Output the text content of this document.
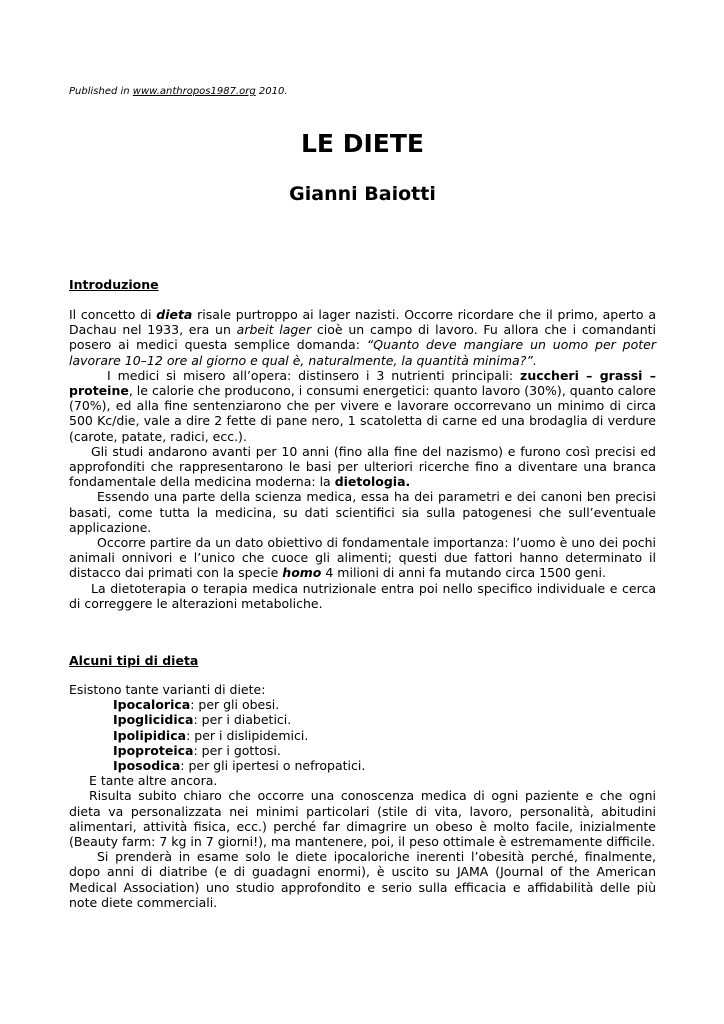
Published in www.anthropos1987.org 2010.
LE DIETE
Gianni Baiotti
Introduzione

Il concetto di dieta risale purtroppo ai lager nazisti. Occorre ricordare che il primo, aperto a Dachau nel 1933, era un arbeit lager cioè un campo di lavoro. Fu allora che i comandanti posero ai medici questa semplice domanda: “Quanto deve mangiare un uomo per poter lavorare 10–12 ore al giorno e qual è, naturalmente, la quantità minima?”.

I medici si misero all’opera: distinsero i 3 nutrienti principali: zuccheri – grassi – proteine, le calorie che producono, i consumi energetici: quanto lavoro (30%), quanto calore (70%), ed alla fine sentenziarono che per vivere e lavorare occorrevano un minimo di circa 500 Kc/die, vale a dire 2 fette di pane nero, 1 scatoletta di carne ed una brodaglia di verdure (carote, patate, radici, ecc.).

Gli studi andarono avanti per 10 anni (fino alla fine del nazismo) e furono così precisi ed approfonditi che rappresentarono le basi per ulteriori ricerche fino a diventare una branca fondamentale della medicina moderna: la dietologia.

Essendo una parte della scienza medica, essa ha dei parametri e dei canoni ben precisi basati, come tutta la medicina, su dati scientifici sia sulla patogenesi che sull’eventuale applicazione.

Occorre partire da un dato obiettivo di fondamentale importanza: l’uomo è uno dei pochi animali onnivori e l’unico che cuoce gli alimenti; questi due fattori hanno determinato il distacco dai primati con la specie homo 4 milioni di anni fa mutando circa 1500 geni.

La dietoterapia o terapia medica nutrizionale entra poi nello specifico individuale e cerca di correggere le alterazioni metaboliche.

Alcuni tipi di dieta

Esistono tante varianti di diete:

Ipocalorica: per gli obesi.
Ipoglicidica: per i diabetici.
Ipolipidica: per i dislipidemici.
Ipoproteica: per i gottosi.
Iposodica: per gli ipertesi o nefropatici.

E tante altre ancora.

Risulta subito chiaro che occorre una conoscenza medica di ogni paziente e che ogni dieta va personalizzata nei minimi particolari (stile di vita, lavoro, personalità, abitudini alimentari, attività fisica, ecc.) perché far dimagrire un obeso è molto facile, inizialmente (Beauty farm: 7 kg in 7 giorni!), ma mantenere, poi, il peso ottimale è estremamente difficile.

Si prenderà in esame solo le diete ipocaloriche inerenti l’obesità perché, finalmente, dopo anni di diatribe (e di guadagni enormi), è uscito su JAMA (Journal of the American Medical Association) uno studio approfondito e serio sulla efficacia e affidabilità delle più note diete commerciali.
